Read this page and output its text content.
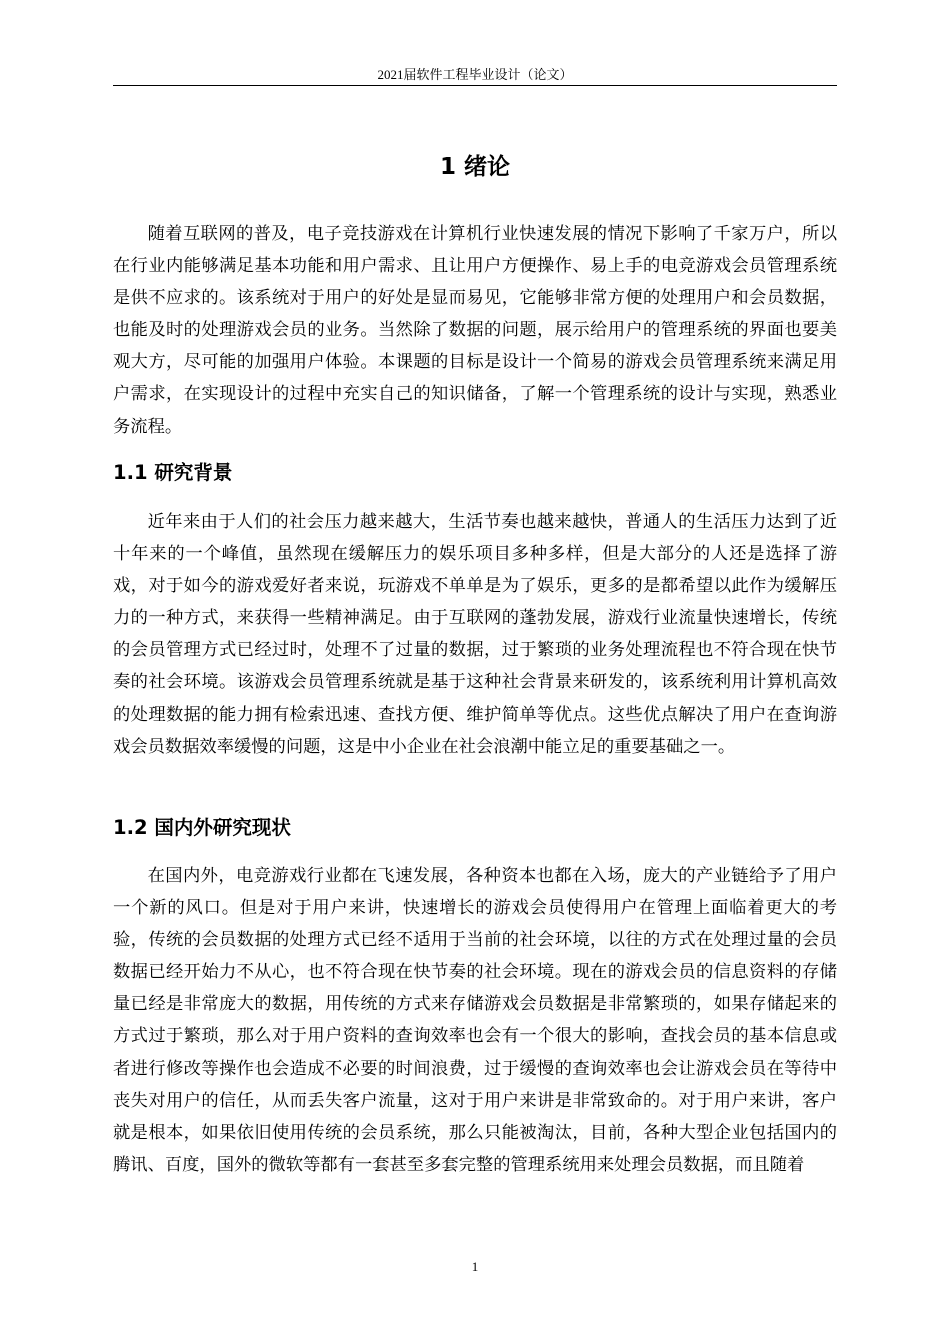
2021届软件工程毕业设计（论文）
1 绪论

随着互联网的普及，电子竞技游戏在计算机行业快速发展的情况下影响了千家万户，所以在行业内能够满足基本功能和用户需求、且让用户方便操作、易上手的电竞游戏会员管理系统是供不应求的。该系统对于用户的好处是显而易见，它能够非常方便的处理用户和会员数据，也能及时的处理游戏会员的业务。当然除了数据的问题，展示给用户的管理系统的界面也要美观大方，尽可能的加强用户体验。本课题的目标是设计一个简易的游戏会员管理系统来满足用户需求，在实现设计的过程中充实自己的知识储备，了解一个管理系统的设计与实现，熟悉业务流程。

1.1 研究背景

近年来由于人们的社会压力越来越大，生活节奏也越来越快，普通人的生活压力达到了近十年来的一个峰值，虽然现在缓解压力的娱乐项目多种多样，但是大部分的人还是选择了游戏，对于如今的游戏爱好者来说，玩游戏不单单是为了娱乐，更多的是都希望以此作为缓解压力的一种方式，来获得一些精神满足。由于互联网的蓬勃发展，游戏行业流量快速增长，传统的会员管理方式已经过时，处理不了过量的数据，过于繁琐的业务处理流程也不符合现在快节奏的社会环境。该游戏会员管理系统就是基于这种社会背景来研发的，该系统利用计算机高效的处理数据的能力拥有检索迅速、查找方便、维护简单等优点。这些优点解决了用户在查询游戏会员数据效率缓慢的问题，这是中小企业在社会浪潮中能立足的重要基础之一。

1.2 国内外研究现状

在国内外，电竞游戏行业都在飞速发展，各种资本也都在入场，庞大的产业链给予了用户一个新的风口。但是对于用户来讲，快速增长的游戏会员使得用户在管理上面临着更大的考验，传统的会员数据的处理方式已经不适用于当前的社会环境，以往的方式在处理过量的会员数据已经开始力不从心，也不符合现在快节奏的社会环境。现在的游戏会员的信息资料的存储量已经是非常庞大的数据，用传统的方式来存储游戏会员数据是非常繁琐的，如果存储起来的方式过于繁琐，那么对于用户资料的查询效率也会有一个很大的影响，查找会员的基本信息或者进行修改等操作也会造成不必要的时间浪费，过于缓慢的查询效率也会让游戏会员在等待中丧失对用户的信任，从而丢失客户流量，这对于用户来讲是非常致命的。对于用户来讲，客户就是根本，如果依旧使用传统的会员系统，那么只能被淘汰，目前，各种大型企业包括国内的腾讯、百度，国外的微软等都有一套甚至多套完整的管理系统用来处理会员数据，而且随着

1
